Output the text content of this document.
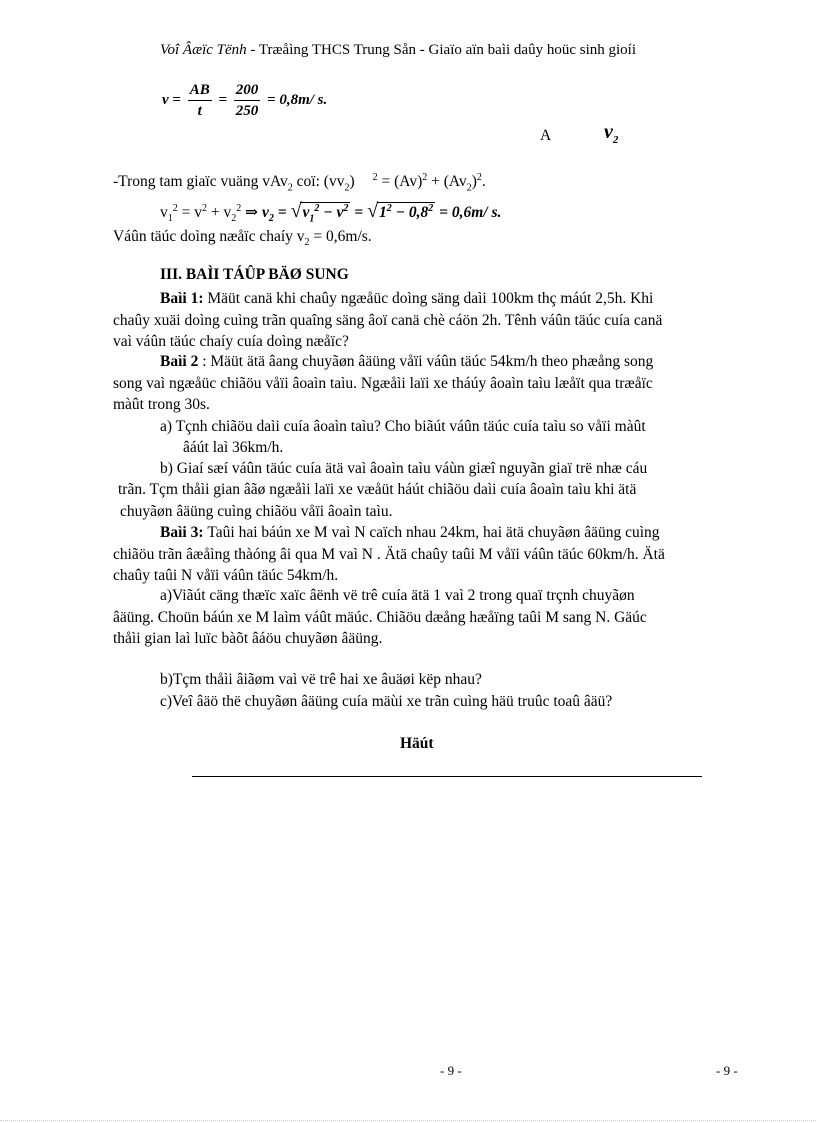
Voî Âæïc Tënh - Træåìng THCS Trung Sån - Giaïo aïn baìi daûy hoüc sinh gioíi
$v = \frac{AB}{t} = \frac{200}{250} = 0,8m/$ s.
A	$v_2$
-Trong tam giaïc vuäng vAv$_2$ coï: $(vv_2) ^2 = (Av)^2 + (Av_2)^2$.
$v_1^2 = v^2 + v_2^2$ ⇒ $v_2 = √v_1^2 - v^2 = √1^2 - 0,8^2 = 0,6m/$ s.
Váûn täúc doìng næåïc chaíy $v_2 = 0,6m/s$.
III. BAÌI TÁÛP BÄØ SUNG
Baìi 1: Mäüt canä khi chaûy ngæåüc doìng säng daìi 100km thç máút 2,5h. Khi
chaûy xuäi doìng cuìng trãn quaîng säng âoï canä chè cáön 2h. Tênh váûn täúc cuía canä
vaì váûn täúc chaíy cuía doìng næåïc?
Baìi 2 : Mäüt ätä âang chuyãøn âäüng våïi váûn täúc 54km/h theo phæång song
song vaì ngæåüc chiãöu våïi âoaìn taìu. Ngæåìi laïi xe tháúy âoaìn taìu læåït qua træåïc
màût trong 30s.
a) Tçnh chiãöu daìi cuía âoaìn taìu? Cho biãút váûn täúc cuía taìu so våïi màût
âáút laì 36km/h.
b) Giaí sæí váûn täúc cuía ätä vaì âoaìn taìu váùn giæî nguyãn giaï trë nhæ cáu
trãn. Tçm thåìi gian âãø ngæåìi laïi xe væåüt háút chiãöu daìi cuía âoaìn taìu khi ätä
chuyãøn âäüng cuìng chiãöu våïi âoaìn taìu.
Baìi 3: Taûi hai báún xe M vaì N caïch nhau 24km, hai ätä chuyãøn âäüng cuìng
chiãöu trãn âæåìng thàóng âi qua M vaì N . Ätä chaûy taûi M våïi váûn täúc 60km/h. Ätä
chaûy taûi N våïi váûn täúc 54km/h.
a)Viãút cäng thæïc xaïc âënh vë trê cuía ätä 1 vaì 2 trong quaï trçnh chuyãøn
âäüng. Choün báún xe M laìm váût mäúc. Chiãöu dæång hæåïng taûi M sang N. Gäúc
thåìi gian laì luïc bàõt âáöu chuyãøn âäüng.
b)Tçm thåìi âiãøm vaì vë trê hai xe âuäøi këp nhau?
c)Veî âäö thë chuyãøn âäüng cuía mäùi xe trãn cuìng häü truûc toaû âäü?
Häút
- 9 -	- 9 -
